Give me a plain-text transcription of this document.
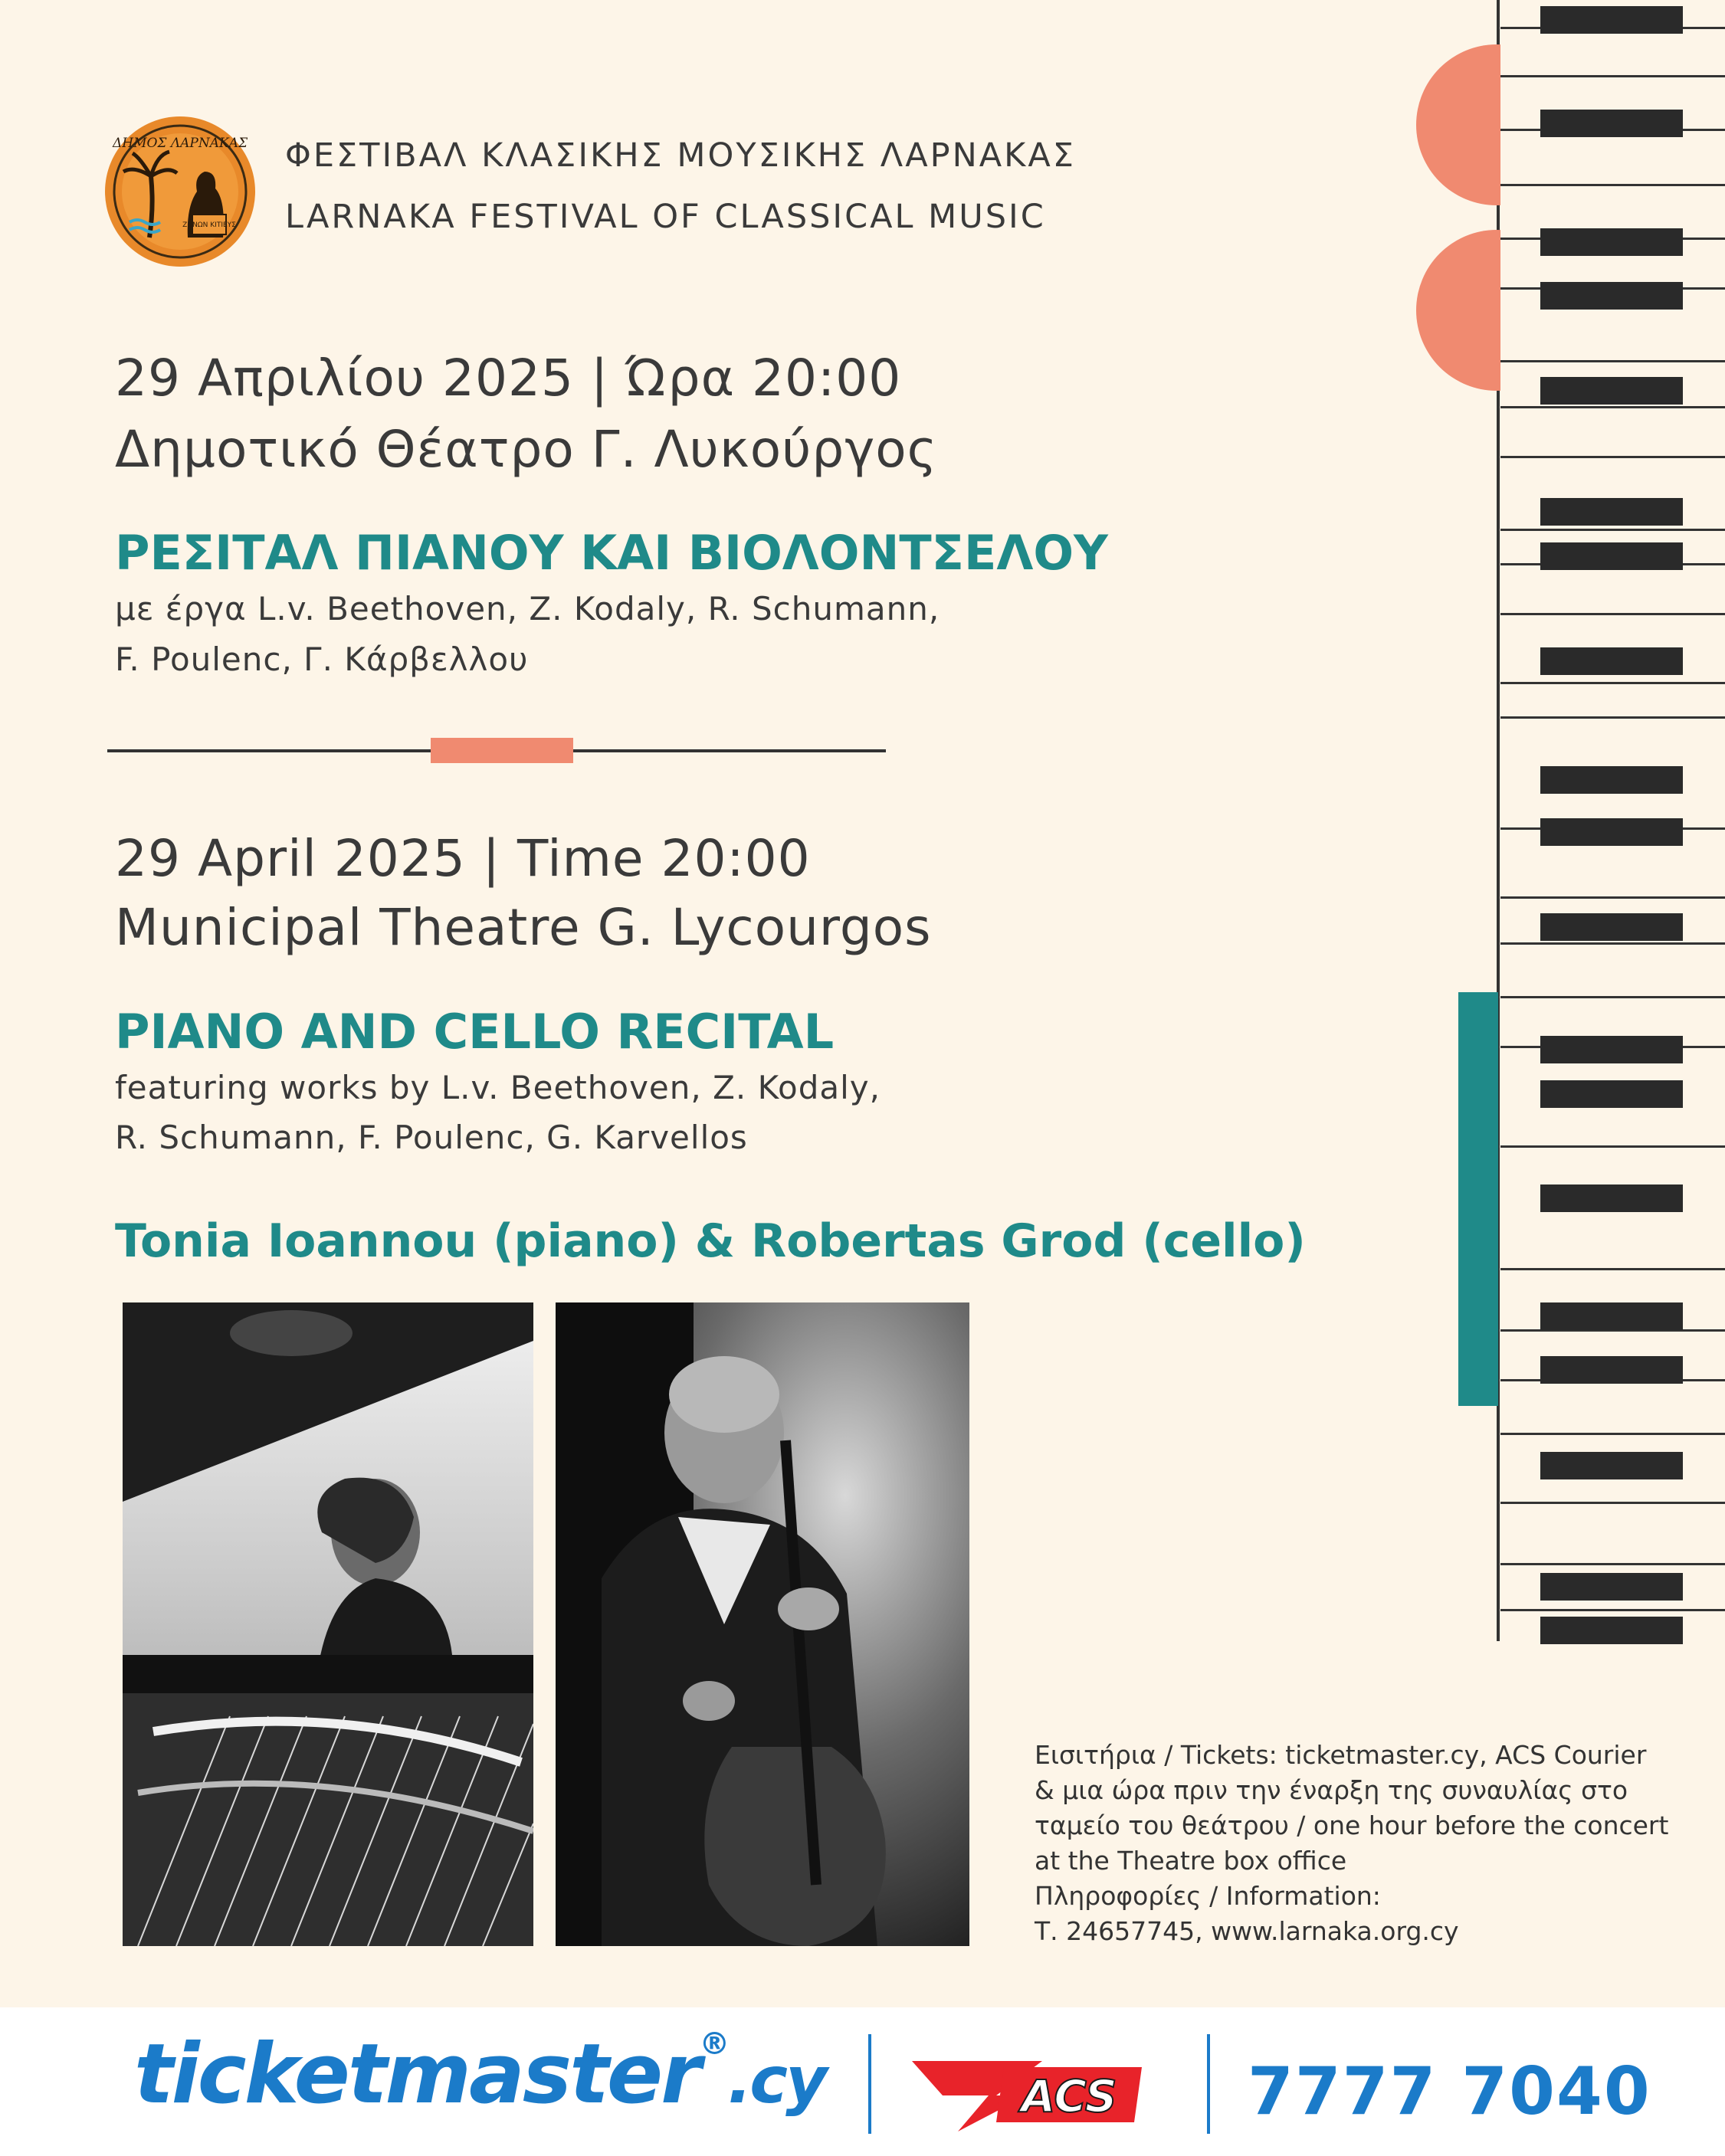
ΔΗΜΟΣ ΛΑΡΝΑΚΑΣ
ΖΗΝΩΝ ΚΙΤΙΕΥΣ
ΦΕΣΤΙΒΑΛ ΚΛΑΣΙΚΗΣ ΜΟΥΣΙΚΗΣ ΛΑΡΝΑΚΑΣ
LARNAKA FESTIVAL OF CLASSICAL MUSIC
29 Απριλίου 2025 | Ώρα 20:00
Δημοτικό Θέατρο Γ. Λυκούργος
ΡΕΣΙΤΑΛ ΠΙΑΝΟΥ ΚΑΙ ΒΙΟΛΟΝΤΣΕΛΟΥ
με έργα L.v. Beethoven, Z. Kodaly, R. Schumann,
F. Poulenc, Γ. Κάρβελλου
29 April 2025 | Time 20:00
Municipal Theatre G. Lycourgos
PIANO AND CELLO RECITAL
featuring works by L.v. Beethoven, Z. Kodaly,
R. Schumann, F. Poulenc, G. Karvellos
Tonia Ioannou (piano) & Robertas Grod (cello)
Εισιτήρια / Tickets: ticketmaster.cy, ACS Courier
& μια ώρα πριν την έναρξη της συναυλίας στο
ταμείο του θεάτρου / one hour before the concert
at the Theatre box office
Πληροφορίες / Information:
Τ. 24657745, www.larnaka.org.cy
ticketmaster®.cy	ACS 7777 7040
